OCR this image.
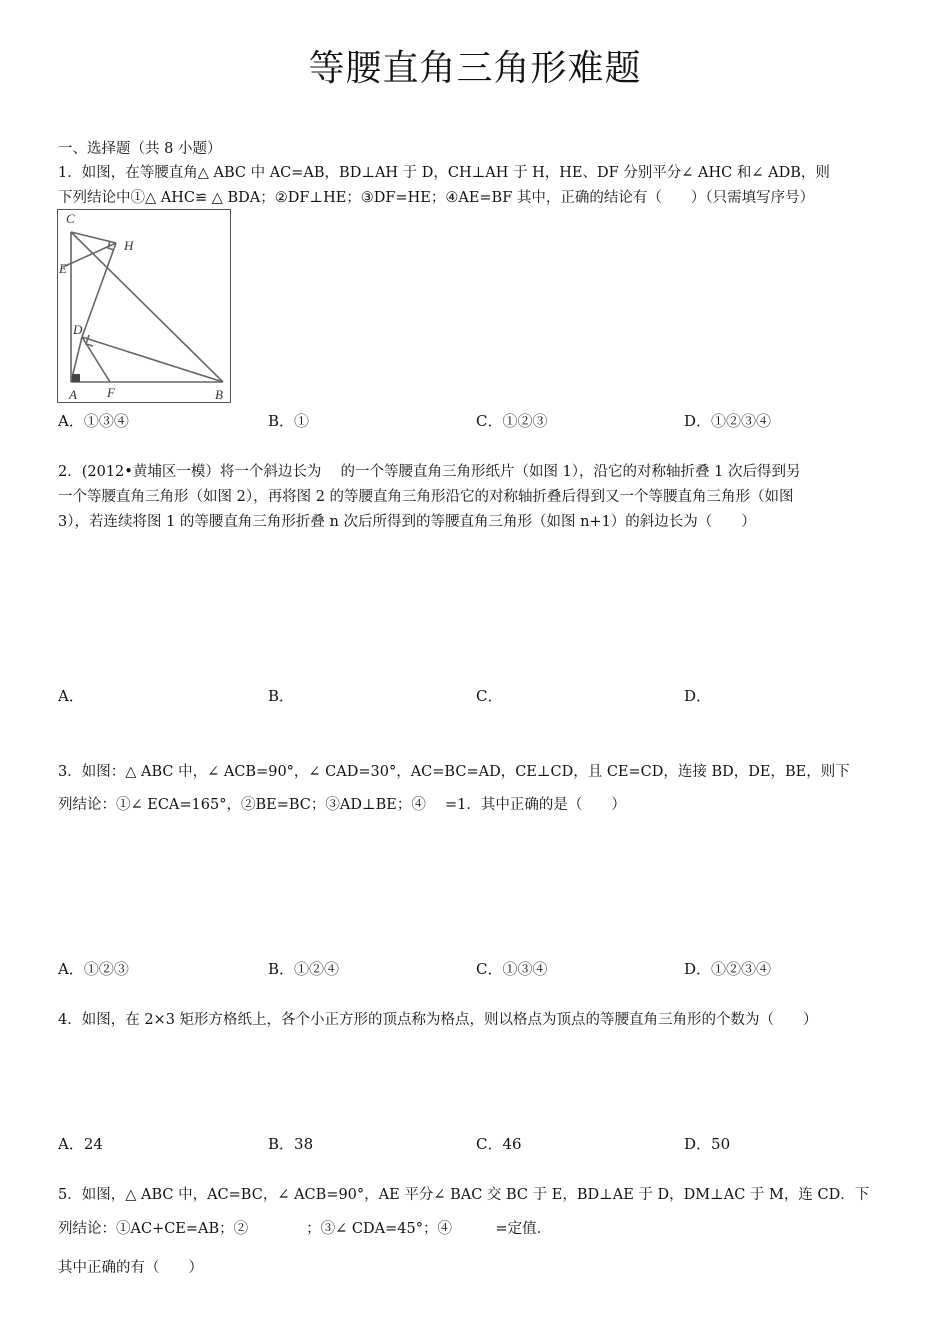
等腰直角三角形难题
一、选择题（共 8 小题）
1．如图，在等腰直角△ ABC 中 AC=AB，BD⊥AH 于 D，CH⊥AH 于 H，HE、DF 分别平分∠ AHC 和∠ ADB，则
下列结论中①△ AHC≌ △ BDA；②DF⊥HE；③DF=HE；④AE=BF 其中，正确的结论有（　　）（只需填写序号）
C
H
E
D
A F	B
A．①③④	B．①	C．①②③	D．①②③④
2．(2012•黄埔区一模）将一个斜边长为　 的一个等腰直角三角形纸片（如图 1），沿它的对称轴折叠 1 次后得到另
一个等腰直角三角形（如图 2），再将图 2 的等腰直角三角形沿它的对称轴折叠后得到又一个等腰直角三角形（如图
3），若连续将图 1 的等腰直角三角形折叠 n 次后所得到的等腰直角三角形（如图 n+1）的斜边长为（　　）
A．	B．	C．	D．
3．如图：△ ABC 中，∠ ACB=90°，∠ CAD=30°，AC=BC=AD，CE⊥CD，且 CE=CD，连接 BD，DE，BE，则下
列结论：①∠ ECA=165°，②BE=BC；③AD⊥BE；④　 =1．其中正确的是（　　）
A．①②③	B．①②④	C．①③④	D．①②③④
4．如图，在 2×3 矩形方格纸上，各个小正方形的顶点称为格点，则以格点为顶点的等腰直角三角形的个数为（　　）
A．24	B．38	C．46	D．50
5．如图，△ ABC 中，AC=BC，∠ ACB=90°，AE 平分∠ BAC 交 BC 于 E，BD⊥AE 于 D，DM⊥AC 于 M，连 CD．下
列结论：①AC+CE=AB；②　　　　；③∠ CDA=45°；④　　　=定值．
其中正确的有（　　）
